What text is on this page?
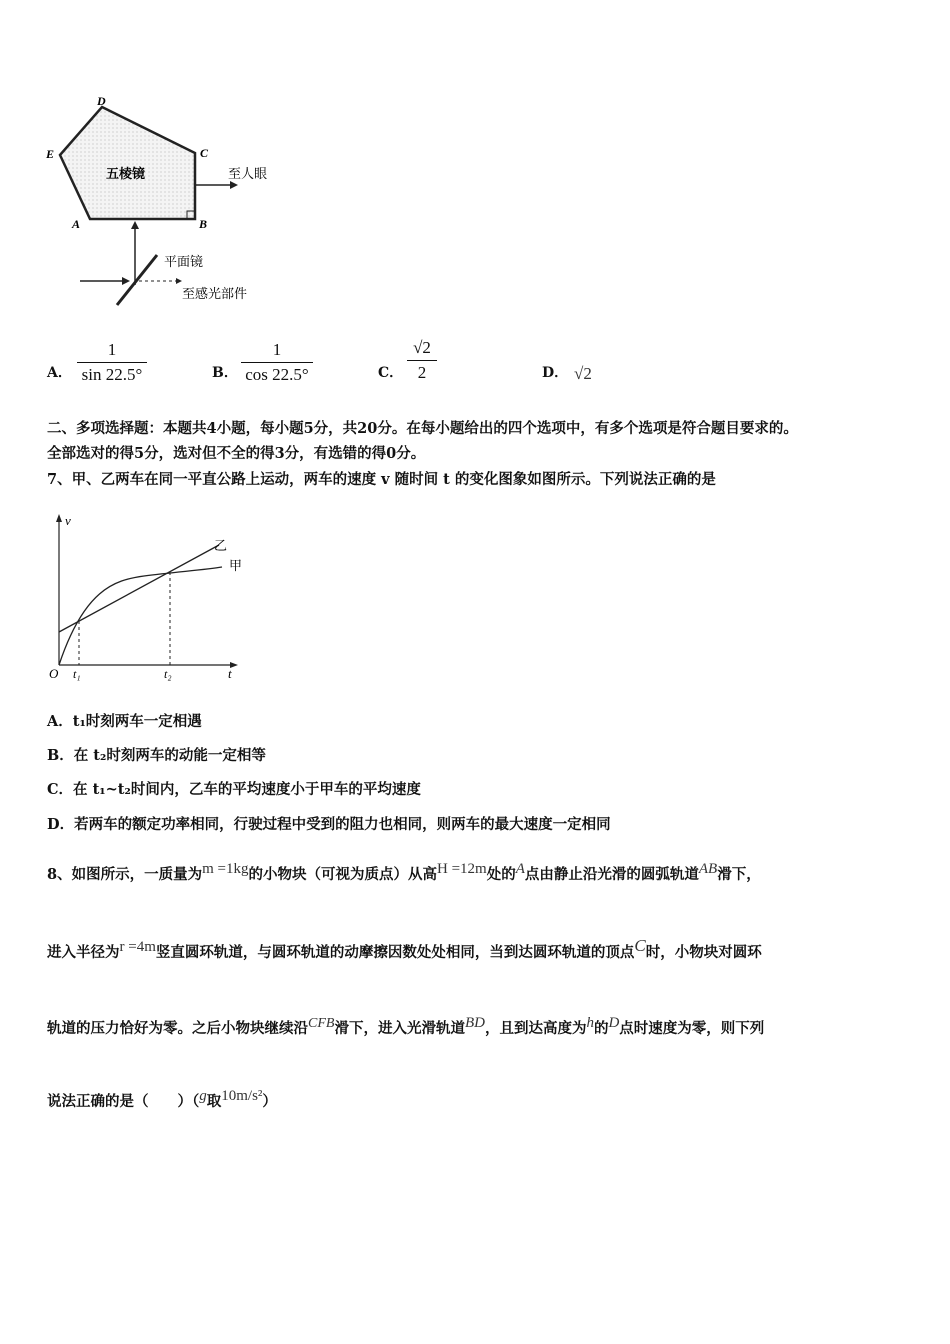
D
E	C
A	B
五棱镜	至人眼
平面镜
至感光部件
A．
1
sin 22.5°	B．
1
cos 22.5°	C．
√2
2	D． √2
二、多项选择题：本题共4小题，每小题5分，共20分。在每小题给出的四个选项中，有多个选项是符合题目要求的。
全部选对的得5分，选对但不全的得3分，有选错的得0分。
7、甲、乙两车在同一平直公路上运动，两车的速度 v 随时间 t 的变化图象如图所示。下列说法正确的是
v
t
O t₁	t₂
乙
甲
A．t₁时刻两车一定相遇
B．在 t₂时刻两车的动能一定相等
C．在 t₁~t₂时间内，乙车的平均速度小于甲车的平均速度
D．若两车的额定功率相同，行驶过程中受到的阻力也相同，则两车的最大速度一定相同
8、如图所示，一质量为$^{m =1kg}$的小物块（可视为质点）从高$^{H =12m}$处的$^A$点由静止沿光滑的圆弧轨道$^{AB}$滑下，
进入半径为$^{r =4m}$竖直圆环轨道，与圆环轨道的动摩擦因数处处相同，当到达圆环轨道的顶点$^C$时，小物块对圆环
轨道的压力恰好为零。之后小物块继续沿$^{CFB}$滑下，进入光滑轨道$^{BD}$，且到达高度为$^h$的$^D$点时速度为零，则下列
说法正确的是（　　）（$^g$取$^{10m/s^2}$）
